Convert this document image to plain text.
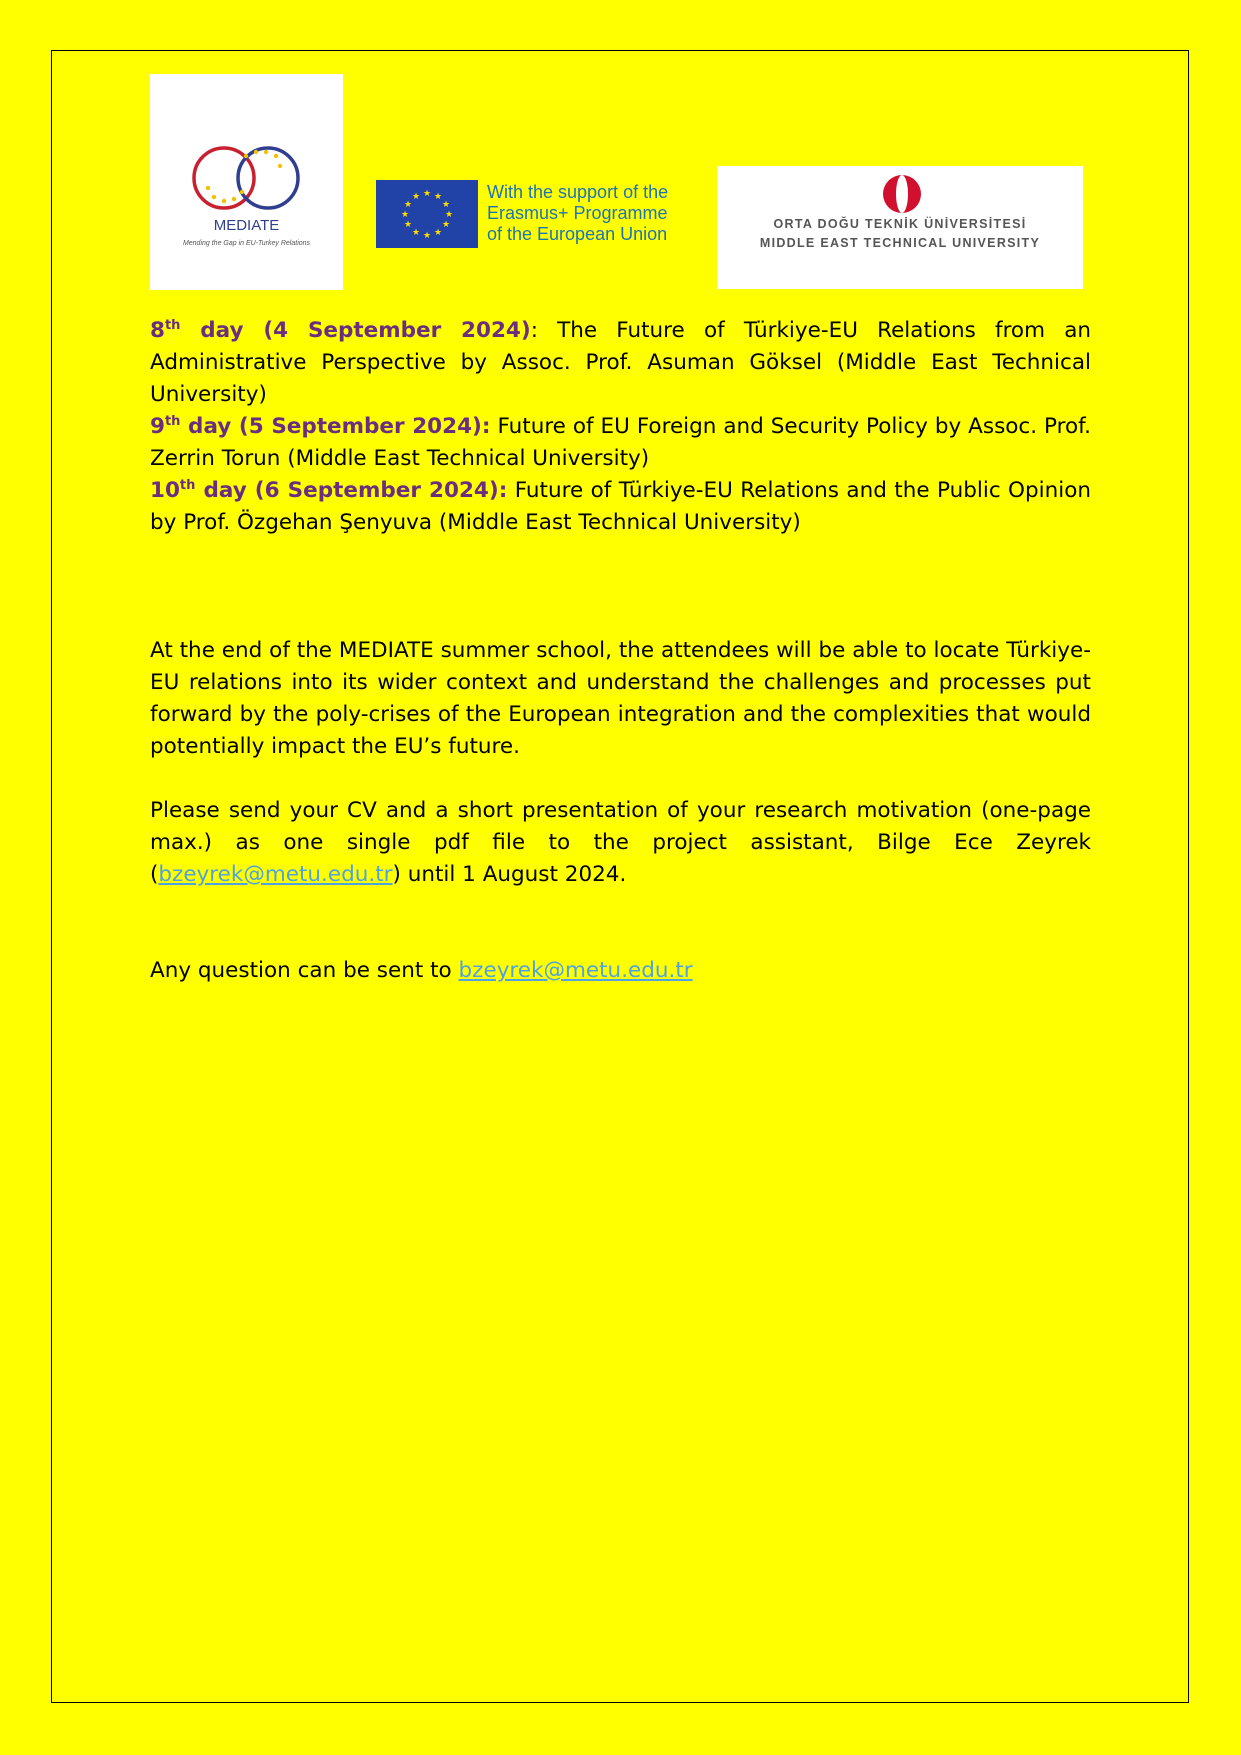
MEDIATE
Mending the Gap in EU-Turkey Relations
★ ★
★
★
★
★
★
★
★
★
★
★	With the support of the
Erasmus+ Programme
of the European Union	ORTA DOĞU TEKNİK ÜNİVERSİTESİ
MIDDLE EAST TECHNICAL UNIVERSITY

8th day (4 September 2024): The Future of Türkiye-EU Relations from an Administrative Perspective by Assoc. Prof. Asuman Göksel (Middle East Technical University)

9th day (5 September 2024): Future of EU Foreign and Security Policy by Assoc. Prof. Zerrin Torun (Middle East Technical University)

10th day (6 September 2024): Future of Türkiye-EU Relations and the Public Opinion by Prof. Özgehan Şenyuva (Middle East Technical University)

At the end of the MEDIATE summer school, the attendees will be able to locate Türkiye-EU relations into its wider context and understand the challenges and processes put forward by the poly-crises of the European integration and the complexities that would potentially impact the EU’s future.

Please send your CV and a short presentation of your research motivation (one-page max.) as one single pdf file to the project assistant, Bilge Ece Zeyrek (bzeyrek@metu.edu.tr) until 1 August 2024.

Any question can be sent to bzeyrek@metu.edu.tr
